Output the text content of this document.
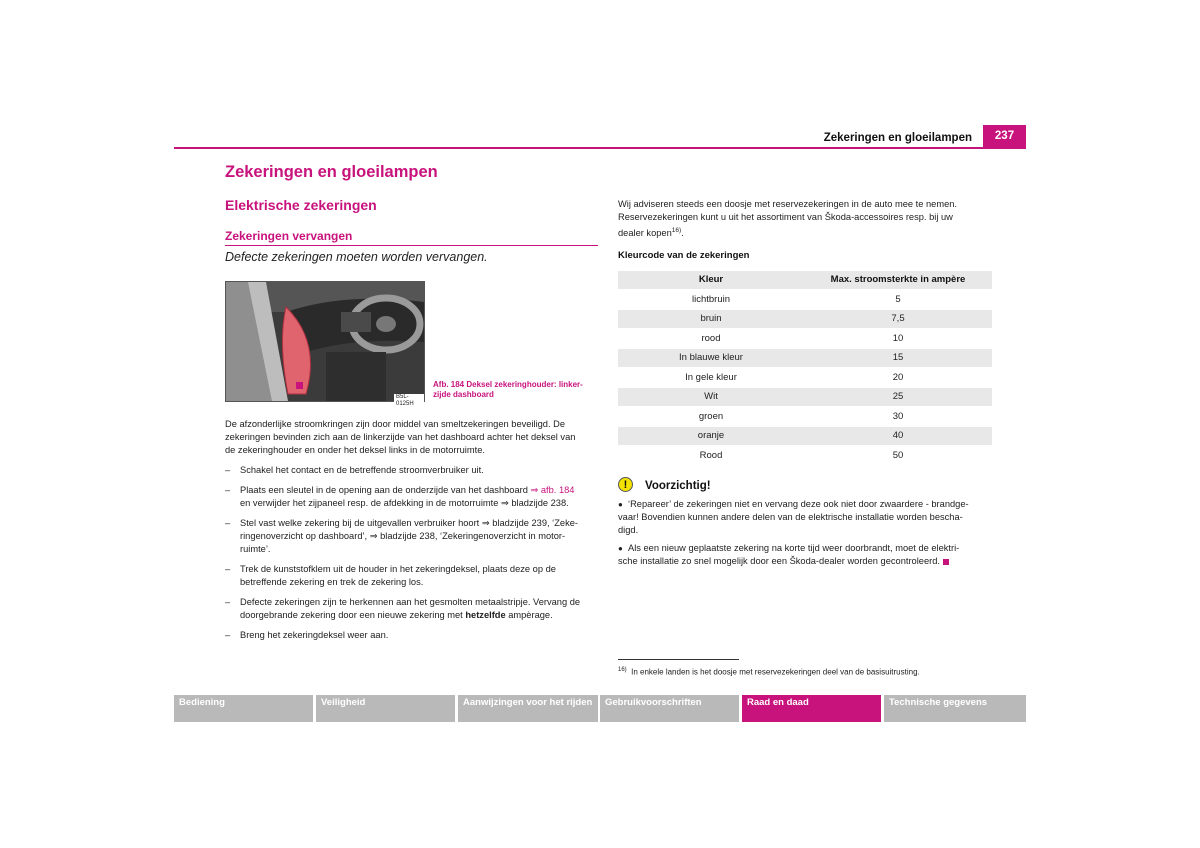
Zekeringen en gloeilampen	237
Zekeringen en gloeilampen
Elektrische zekeringen
Zekeringen vervangen
Defecte zekeringen moeten worden vervangen.
B5L-0125H
Afb. 184 Deksel zekeringhouder: linker-
zijde dashboard
De afzonderlijke stroomkringen zijn door middel van smeltzekeringen beveiligd. De
zekeringen bevinden zich aan de linkerzijde van het dashboard achter het deksel van
de zekeringhouder en onder het deksel links in de motorruimte.
– Schakel het contact en de betreffende stroomverbruiker uit.
– Plaats een sleutel in de opening aan de onderzijde van het dashboard ⇒ afb. 184
en verwijder het zijpaneel resp. de afdekking in de motorruimte ⇒ bladzijde 238.
– Stel vast welke zekering bij de uitgevallen verbruiker hoort ⇒ bladzijde 239, ‘Zeke-
ringenoverzicht op dashboard’, ⇒ bladzijde 238, ‘Zekeringenoverzicht in motor-
ruimte’.
– Trek de kunststofklem uit de houder in het zekeringdeksel, plaats deze op de
betreffende zekering en trek de zekering los.
– Defecte zekeringen zijn te herkennen aan het gesmolten metaalstripje. Vervang de
doorgebrande zekering door een nieuwe zekering met hetzelfde ampèrage.
– Breng het zekeringdeksel weer aan.
Wij adviseren steeds een doosje met reservezekeringen in de auto mee te nemen.
Reservezekeringen kunt u uit het assortiment van Škoda-accessoires resp. bij uw
dealer kopen$^{16)}$.
Kleurcode van de zekeringen
Kleur	Max. stroomsterkte in ampère
lichtbruin	5
bruin	7,5
rood	10
In blauwe kleur	15
In gele kleur	20
Wit	25
groen	30
oranje	40
Rood	50
!	Voorzichtig!
● ‘Repareer’ de zekeringen niet en vervang deze ook niet door zwaardere - brandge-
vaar! Bovendien kunnen andere delen van de elektrische installatie worden bescha-
digd.
● Als een nieuw geplaatste zekering na korte tijd weer doorbrandt, moet de elektri-
sche installatie zo snel mogelijk door een Škoda-dealer worden gecontroleerd.
$^{16)}$ In enkele landen is het doosje met reservezekeringen deel van de basisuitrusting.
Bediening	Veiligheid	Aanwijzingen voor het rijden	Gebruikvoorschriften	Raad en daad	Technische gegevens
